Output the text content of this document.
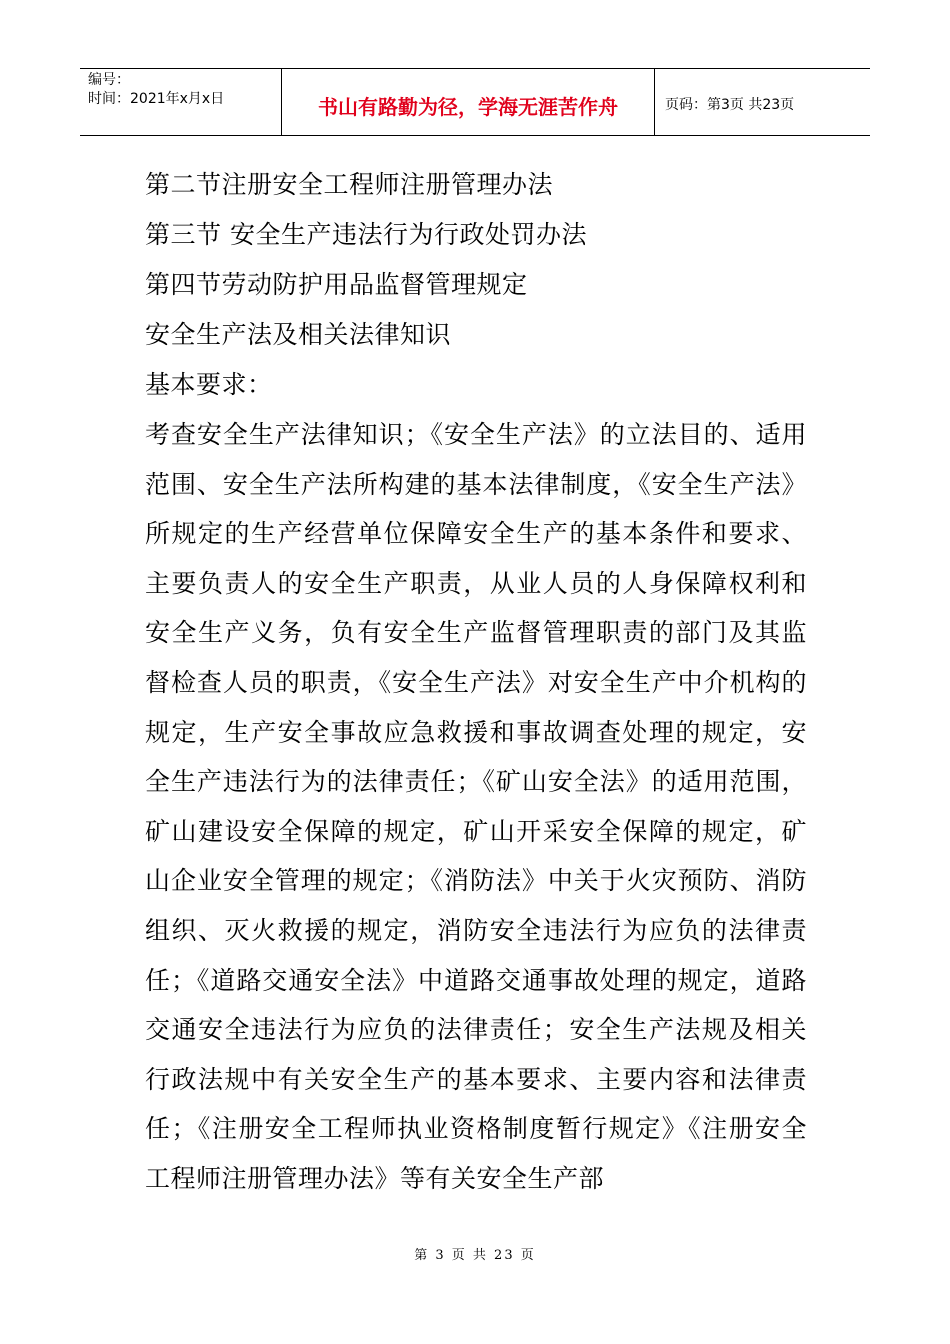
编号：
时间：2021年x月x日	书山有路勤为径，学海无涯苦作舟	页码：第3页 共23页
第二节注册安全工程师注册管理办法
第三节 安全生产违法行为行政处罚办法
第四节劳动防护用品监督管理规定
安全生产法及相关法律知识
基本要求：

考查安全生产法律知识；《安全生产法》的立法目的、适用范围、安全生产法所构建的基本法律制度，《安全生产法》所规定的生产经营单位保障安全生产的基本条件和要求、主要负责人的安全生产职责，从业人员的人身保障权利和安全生产义务，负有安全生产监督管理职责的部门及其监督检查人员的职责，《安全生产法》对安全生产中介机构的规定，生产安全事故应急救援和事故调查处理的规定，安全生产违法行为的法律责任；《矿山安全法》的适用范围，矿山建设安全保障的规定，矿山开采安全保障的规定，矿山企业安全管理的规定；《消防法》中关于火灾预防、消防组织、灭火救援的规定，消防安全违法行为应负的法律责任；《道路交通安全法》中道路交通事故处理的规定，道路交通安全违法行为应负的法律责任；安全生产法规及相关行政法规中有关安全生产的基本要求、主要内容和法律责任；《注册安全工程师执业资格制度暂行规定》《注册安全工程师注册管理办法》等有关安全生产部

第 3 页 共 23 页
